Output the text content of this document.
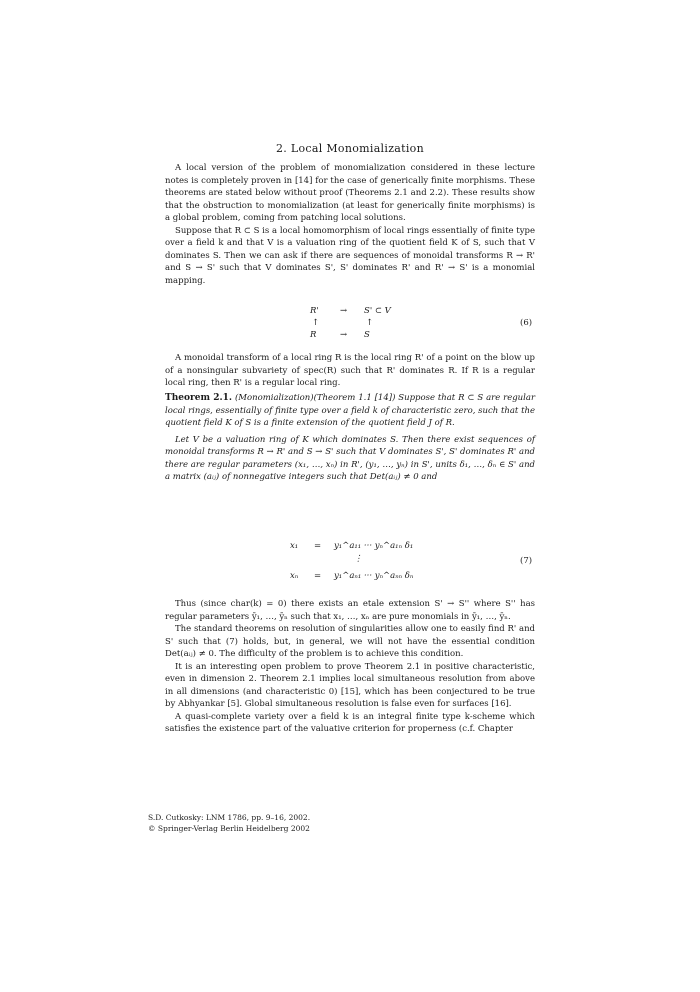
2. Local Monomialization

A local version of the problem of monomialization considered in these lecture notes is completely proven in [14] for the case of generically finite morphisms. These theorems are stated below without proof (Theorems 2.1 and 2.2). These results show that the obstruction to monomialization (at least for generically finite morphisms) is a global problem, coming from patching local solutions.

Suppose that R ⊂ S is a local homomorphism of local rings essentially of finite type over a field k and that V is a valuation ring of the quotient field K of S, such that V dominates S. Then we can ask if there are sequences of monoidal transforms R → R' and S → S' such that V dominates S', S' dominates R' and R' → S' is a monomial mapping.

R'	→ S' ⊂ V
↑	↑
R	→ S
(6)

A monoidal transform of a local ring R is the local ring R' of a point on the blow up of a nonsingular subvariety of spec(R) such that R' dominates R. If R is a regular local ring, then R' is a regular local ring.

Theorem 2.1. (Monomialization)(Theorem 1.1 [14]) Suppose that R ⊂ S are regular local rings, essentially of finite type over a field k of characteristic zero, such that the quotient field K of S is a finite extension of the quotient field J of R.

Let V be a valuation ring of K which dominates S. Then there exist sequences of monoidal transforms R → R' and S → S' such that V dominates S', S' dominates R' and there are regular parameters (x₁, …, xₙ) in R', (y₁, …, yₙ) in S', units δ₁, …, δₙ ∈ S' and a matrix (aᵢⱼ) of nonnegative integers such that Det(aᵢⱼ) ≠ 0 and

x₁ = y₁^a₁₁ ··· yₙ^a₁ₙ δ₁
⋮
xₙ = y₁^aₙ₁ ··· yₙ^aₙₙ δₙ
(7)

Thus (since char(k) = 0) there exists an etale extension S' → S'' where S'' has regular parameters ȳ₁, …, ȳₙ such that x₁, …, xₙ are pure monomials in ȳ₁, …, ȳₙ.

The standard theorems on resolution of singularities allow one to easily find R' and S' such that (7) holds, but, in general, we will not have the essential condition Det(aᵢⱼ) ≠ 0. The difficulty of the problem is to achieve this condition.

It is an interesting open problem to prove Theorem 2.1 in positive characteristic, even in dimension 2. Theorem 2.1 implies local simultaneous resolution from above in all dimensions (and characteristic 0) [15], which has been conjectured to be true by Abhyankar [5]. Global simultaneous resolution is false even for surfaces [16].

A quasi-complete variety over a field k is an integral finite type k-scheme which satisfies the existence part of the valuative criterion for properness (c.f. Chapter

S.D. Cutkosky: LNM 1786, pp. 9–16, 2002.
© Springer-Verlag Berlin Heidelberg 2002
